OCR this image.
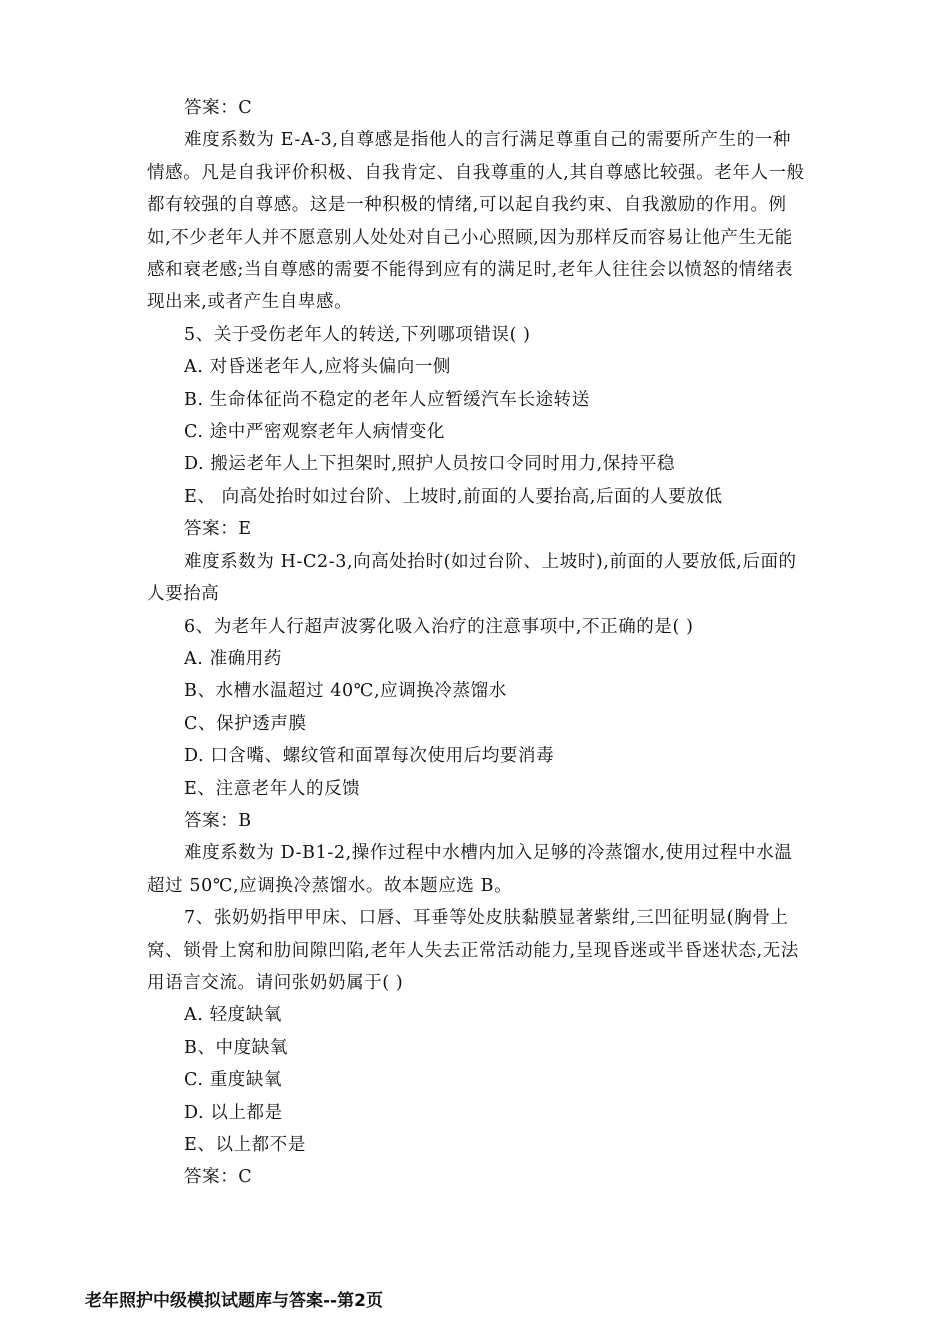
答案：C

难度系数为 E-A-3,自尊感是指他人的言行满足尊重自己的需要所产生的一种情感。凡是自我评价积极、自我肯定、自我尊重的人,其自尊感比较强。老年人一般都有较强的自尊感。这是一种积极的情绪,可以起自我约束、自我激励的作用。例如,不少老年人并不愿意别人处处对自己小心照顾,因为那样反而容易让他产生无能感和衰老感;当自尊感的需要不能得到应有的满足时,老年人往往会以愤怒的情绪表现出来,或者产生自卑感。

5、关于受伤老年人的转送,下列哪项错误( )

A. 对昏迷老年人,应将头偏向一侧

B. 生命体征尚不稳定的老年人应暂缓汽车长途转送

C. 途中严密观察老年人病情变化

D. 搬运老年人上下担架时,照护人员按口令同时用力,保持平稳

E、 向高处抬时如过台阶、上坡时,前面的人要抬高,后面的人要放低

答案：E

难度系数为 H-C2-3,向高处抬时(如过台阶、上坡时),前面的人要放低,后面的人要抬高

6、为老年人行超声波雾化吸入治疗的注意事项中,不正确的是( )

A. 准确用药

B、水槽水温超过 40℃,应调换冷蒸馏水

C、保护透声膜

D. 口含嘴、螺纹管和面罩每次使用后均要消毒

E、注意老年人的反馈

答案：B

难度系数为 D-B1-2,操作过程中水槽内加入足够的冷蒸馏水,使用过程中水温超过 50℃,应调换冷蒸馏水。故本题应选 B。

7、张奶奶指甲甲床、口唇、耳垂等处皮肤黏膜显著紫绀,三凹征明显(胸骨上窝、锁骨上窝和肋间隙凹陷,老年人失去正常活动能力,呈现昏迷或半昏迷状态,无法用语言交流。请问张奶奶属于( )

A. 轻度缺氧

B、中度缺氧

C. 重度缺氧

D. 以上都是

E、以上都不是

答案：C

老年照护中级模拟试题库与答案--第2页
